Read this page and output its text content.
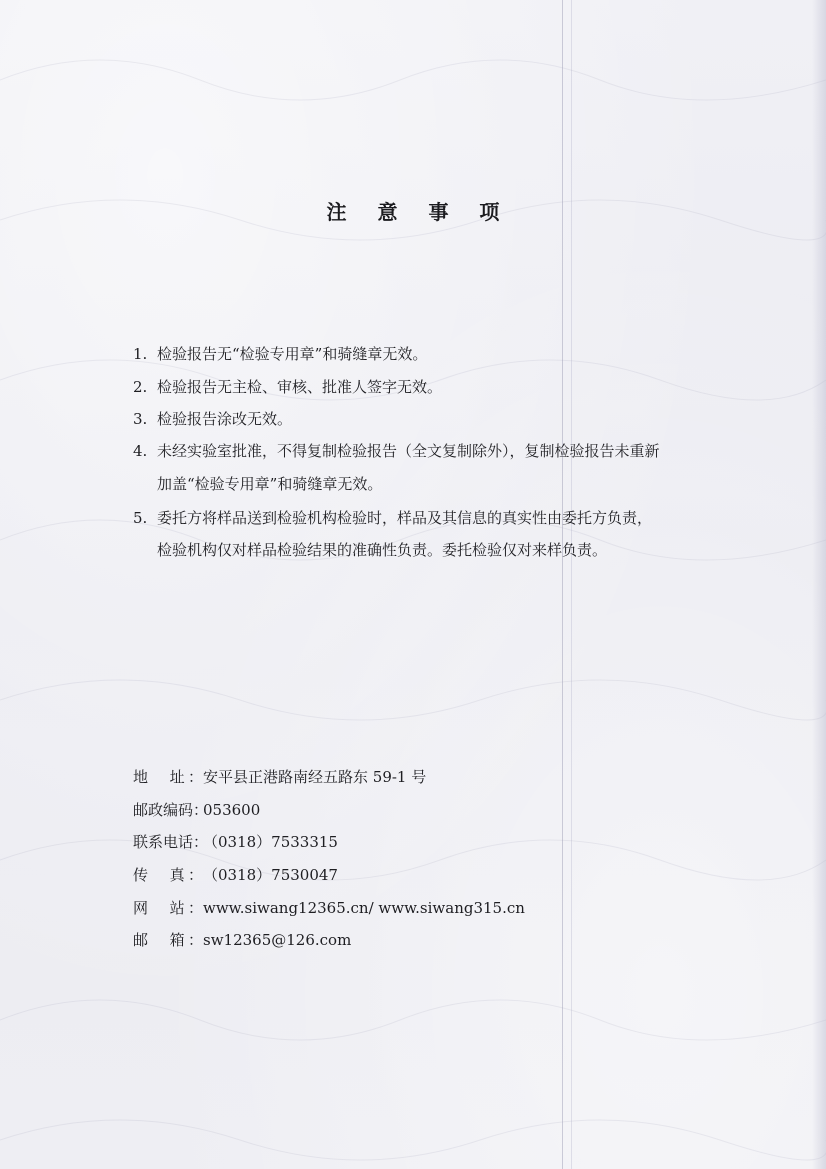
注 意 事 项
1. 检验报告无“检验专用章”和骑缝章无效。
2. 检验报告无主检、审核、批准人签字无效。
3. 检验报告涂改无效。
4. 未经实验室批准，不得复制检验报告（全文复制除外），复制检验报告未重新
加盖“检验专用章”和骑缝章无效。
5. 委托方将样品送到检验机构检验时，样品及其信息的真实性由委托方负责，
检验机构仅对样品检验结果的准确性负责。委托检验仅对来样负责。
地　址：安平县正港路南经五路东 59-1 号
邮政编码：053600
联系电话：（0318）7533315
传　真：（0318）7530047
网　站：www.siwang12365.cn/ www.siwang315.cn
邮　箱：sw12365@126.com
